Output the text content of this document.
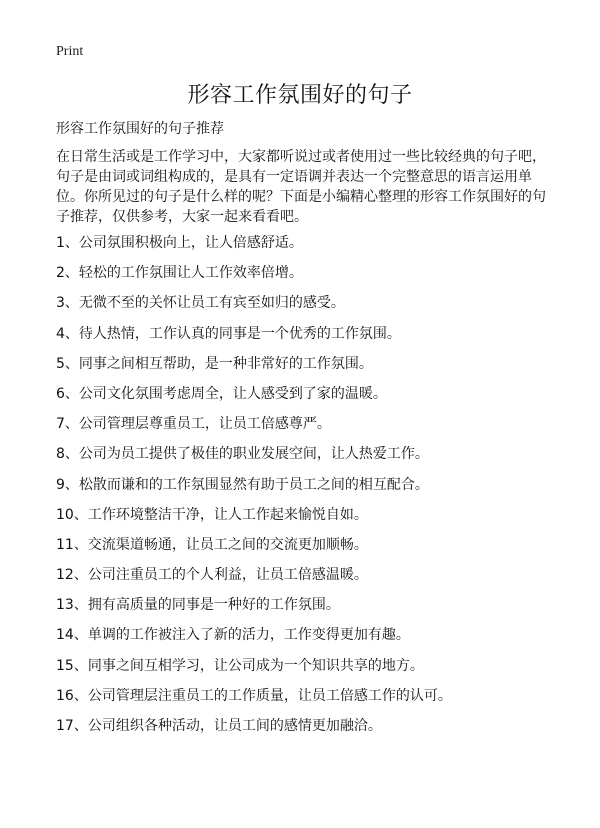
Print
形容工作氛围好的句子
形容工作氛围好的句子推荐

在日常生活或是工作学习中，大家都听说过或者使用过一些比较经典的句子吧，句子是由词或词组构成的，是具有一定语调并表达一个完整意思的语言运用单位。你所见过的句子是什么样的呢？下面是小编精心整理的形容工作氛围好的句子推荐，仅供参考，大家一起来看看吧。

1、公司氛围积极向上，让人倍感舒适。
2、轻松的工作氛围让人工作效率倍增。
3、无微不至的关怀让员工有宾至如归的感受。
4、待人热情，工作认真的同事是一个优秀的工作氛围。
5、同事之间相互帮助，是一种非常好的工作氛围。
6、公司文化氛围考虑周全，让人感受到了家的温暖。
7、公司管理层尊重员工，让员工倍感尊严。
8、公司为员工提供了极佳的职业发展空间，让人热爱工作。
9、松散而谦和的工作氛围显然有助于员工之间的相互配合。
10、工作环境整洁干净，让人工作起来愉悦自如。
11、交流渠道畅通，让员工之间的交流更加顺畅。
12、公司注重员工的个人利益，让员工倍感温暖。
13、拥有高质量的同事是一种好的工作氛围。
14、单调的工作被注入了新的活力，工作变得更加有趣。
15、同事之间互相学习，让公司成为一个知识共享的地方。
16、公司管理层注重员工的工作质量，让员工倍感工作的认可。
17、公司组织各种活动，让员工间的感情更加融洽。
